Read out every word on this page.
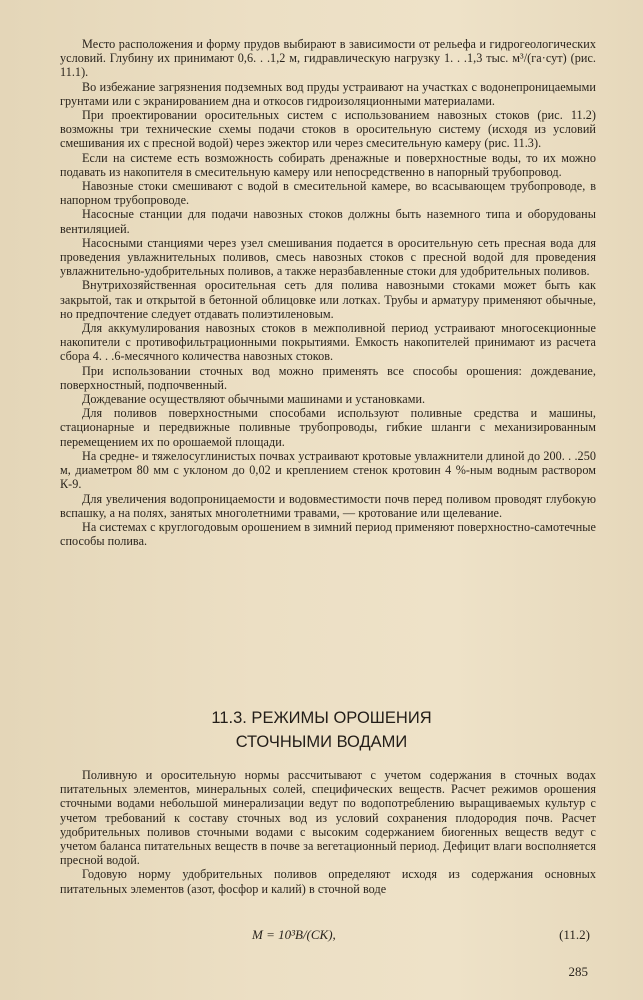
Место расположения и форму прудов выбирают в зависимости от рельефа и гидрогеологических условий. Глубину их принимают 0,6. . .1,2 м, гидравлическую нагрузку 1. . .1,3 тыс. м³/(га·сут) (рис. 11.1).

Во избежание загрязнения подземных вод пруды устраивают на участках с водонепроницаемыми грунтами или с экранированием дна и откосов гидроизоляционными материалами.

При проектировании оросительных систем с использованием навозных стоков (рис. 11.2) возможны три технические схемы подачи стоков в оросительную систему (исходя из условий смешивания их с пресной водой) через эжектор или через смесительную камеру (рис. 11.3).

Если на системе есть возможность собирать дренажные и поверхностные воды, то их можно подавать из накопителя в смесительную камеру или непосредственно в напорный трубопровод.

Навозные стоки смешивают с водой в смесительной камере, во всасывающем трубопроводе, в напорном трубопроводе.

Насосные станции для подачи навозных стоков должны быть наземного типа и оборудованы вентиляцией.

Насосными станциями через узел смешивания подается в оросительную сеть пресная вода для проведения увлажнительных поливов, смесь навозных стоков с пресной водой для проведения увлажнительно-удобрительных поливов, а также неразбавленные стоки для удобрительных поливов.

Внутрихозяйственная оросительная сеть для полива навозными стоками может быть как закрытой, так и открытой в бетонной облицовке или лотках. Трубы и арматуру применяют обычные, но предпочтение следует отдавать полиэтиленовым.

Для аккумулирования навозных стоков в межполивной период устраивают многосекционные накопители с противофильтрационными покрытиями. Емкость накопителей принимают из расчета сбора 4. . .6-месячного количества навозных стоков.

При использовании сточных вод можно применять все способы орошения: дождевание, поверхностный, подпочвенный.

Дождевание осуществляют обычными машинами и установками.

Для поливов поверхностными способами используют поливные средства и машины, стационарные и передвижные поливные трубопроводы, гибкие шланги с механизированным перемещением их по орошаемой площади.

На средне- и тяжелосуглинистых почвах устраивают кротовые увлажнители длиной до 200. . .250 м, диаметром 80 мм с уклоном до 0,02 и креплением стенок кротовин 4 %-ным водным раствором К-9.

Для увеличения водопроницаемости и водовместимости почв перед поливом проводят глубокую вспашку, а на полях, занятых многолетними травами, — кротование или щелевание.

На системах с круглогодовым орошением в зимний период применяют поверхностно-самотечные способы полива.

11.3. РЕЖИМЫ ОРОШЕНИЯ
СТОЧНЫМИ ВОДАМИ

Поливную и оросительную нормы рассчитывают с учетом содержания в сточных водах питательных элементов, минеральных солей, специфических веществ. Расчет режимов орошения сточными водами небольшой минерализации ведут по водопотреблению выращиваемых культур с учетом требований к составу сточных вод из условий сохранения плодородия почв. Расчет удобрительных поливов сточными водами с высоким содержанием биогенных веществ ведут с учетом баланса питательных веществ в почве за вегетационный период. Дефицит влаги восполняется пресной водой.

Годовую норму удобрительных поливов определяют исходя из содержания основных питательных элементов (азот, фосфор и калий) в сточной воде

M = 10³B/(CK),	(11.2)
285
